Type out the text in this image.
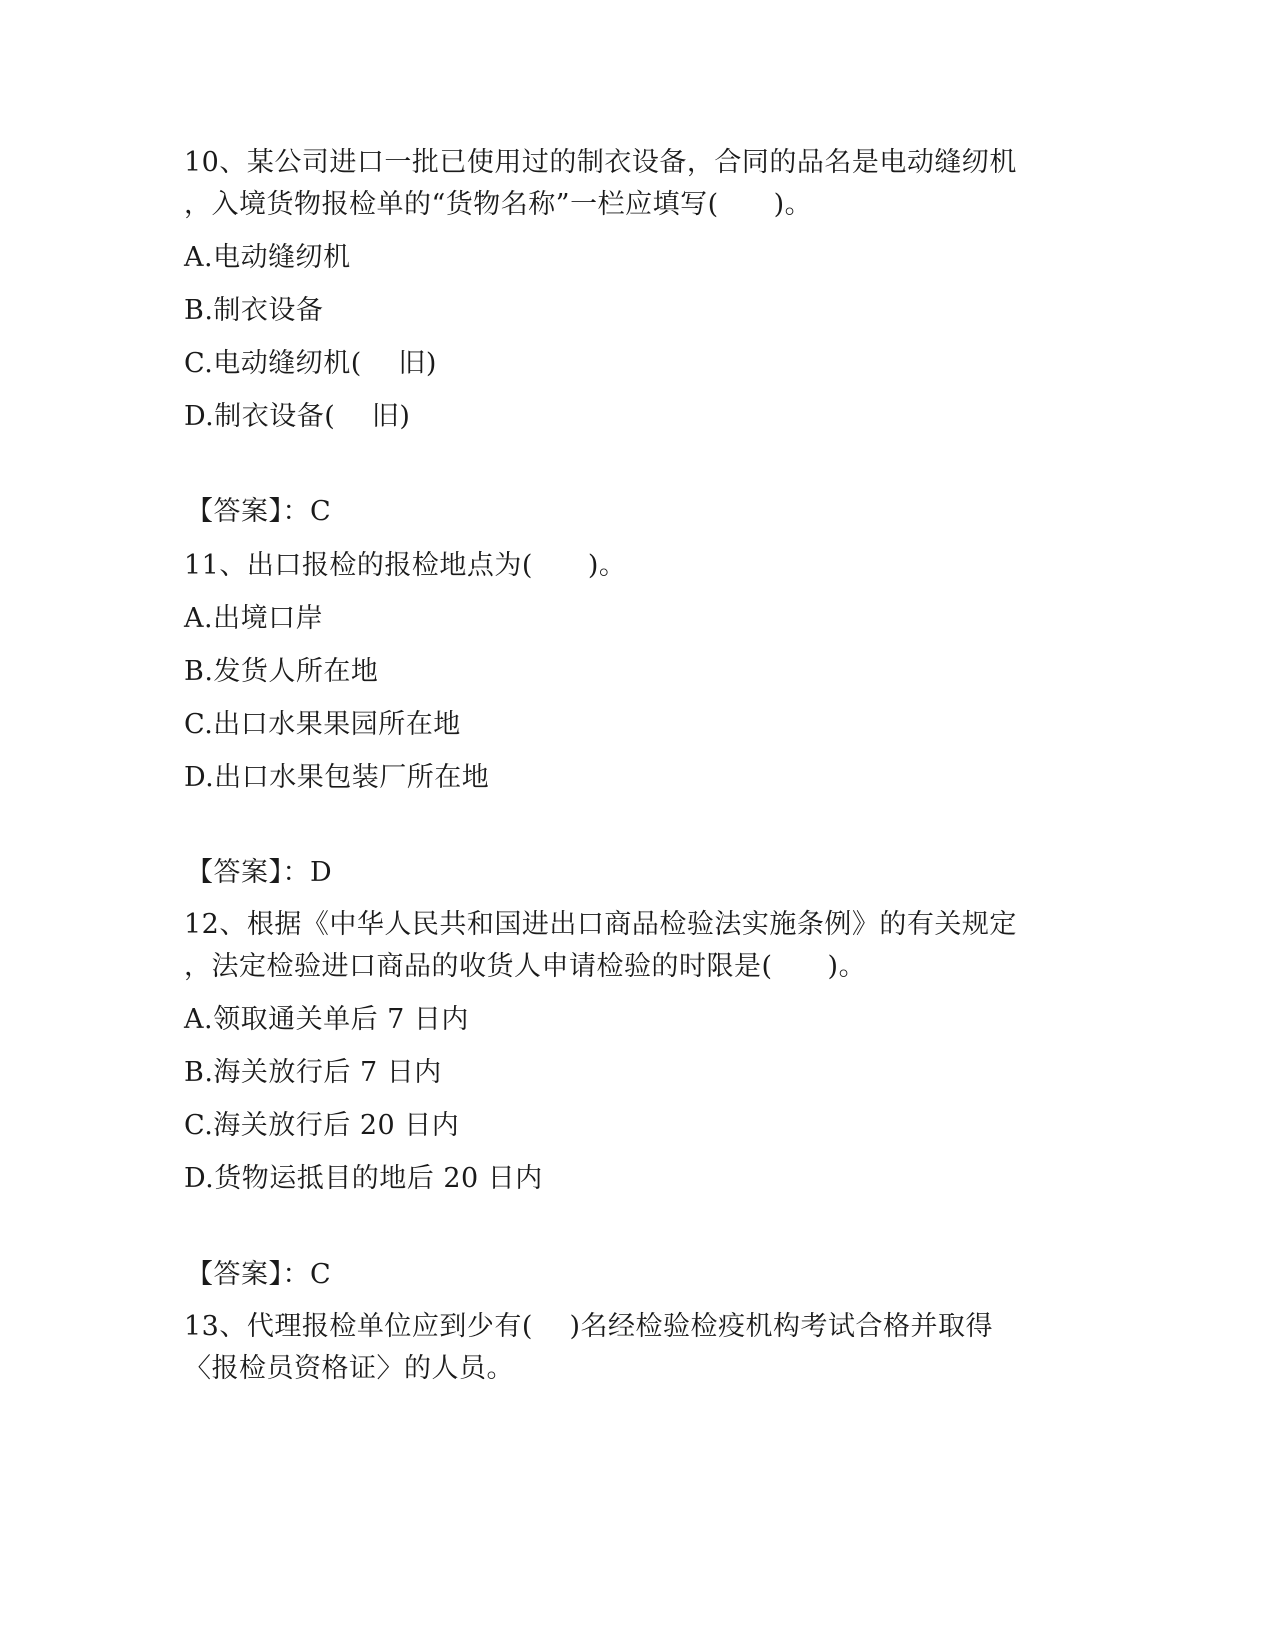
10、某公司进口一批已使用过的制衣设备，合同的品名是电动缝纫机
，入境货物报检单的“货物名称”一栏应填写(　　)。
A.电动缝纫机
B.制衣设备
C.电动缝纫机(　 旧)
D.制衣设备(　 旧)
【答案】：C
11、出口报检的报检地点为(　　)。
A.出境口岸
B.发货人所在地
C.出口水果果园所在地
D.出口水果包装厂所在地
【答案】：D
12、根据《中华人民共和国进出口商品检验法实施条例》的有关规定
，法定检验进口商品的收货人申请检验的时限是(　　)。
A.领取通关单后 7 日内
B.海关放行后 7 日内
C.海关放行后 20 日内
D.货物运抵目的地后 20 日内
【答案】：C
13、代理报检单位应到少有(　 )名经检验检疫机构考试合格并取得
〈报检员资格证〉的人员。
